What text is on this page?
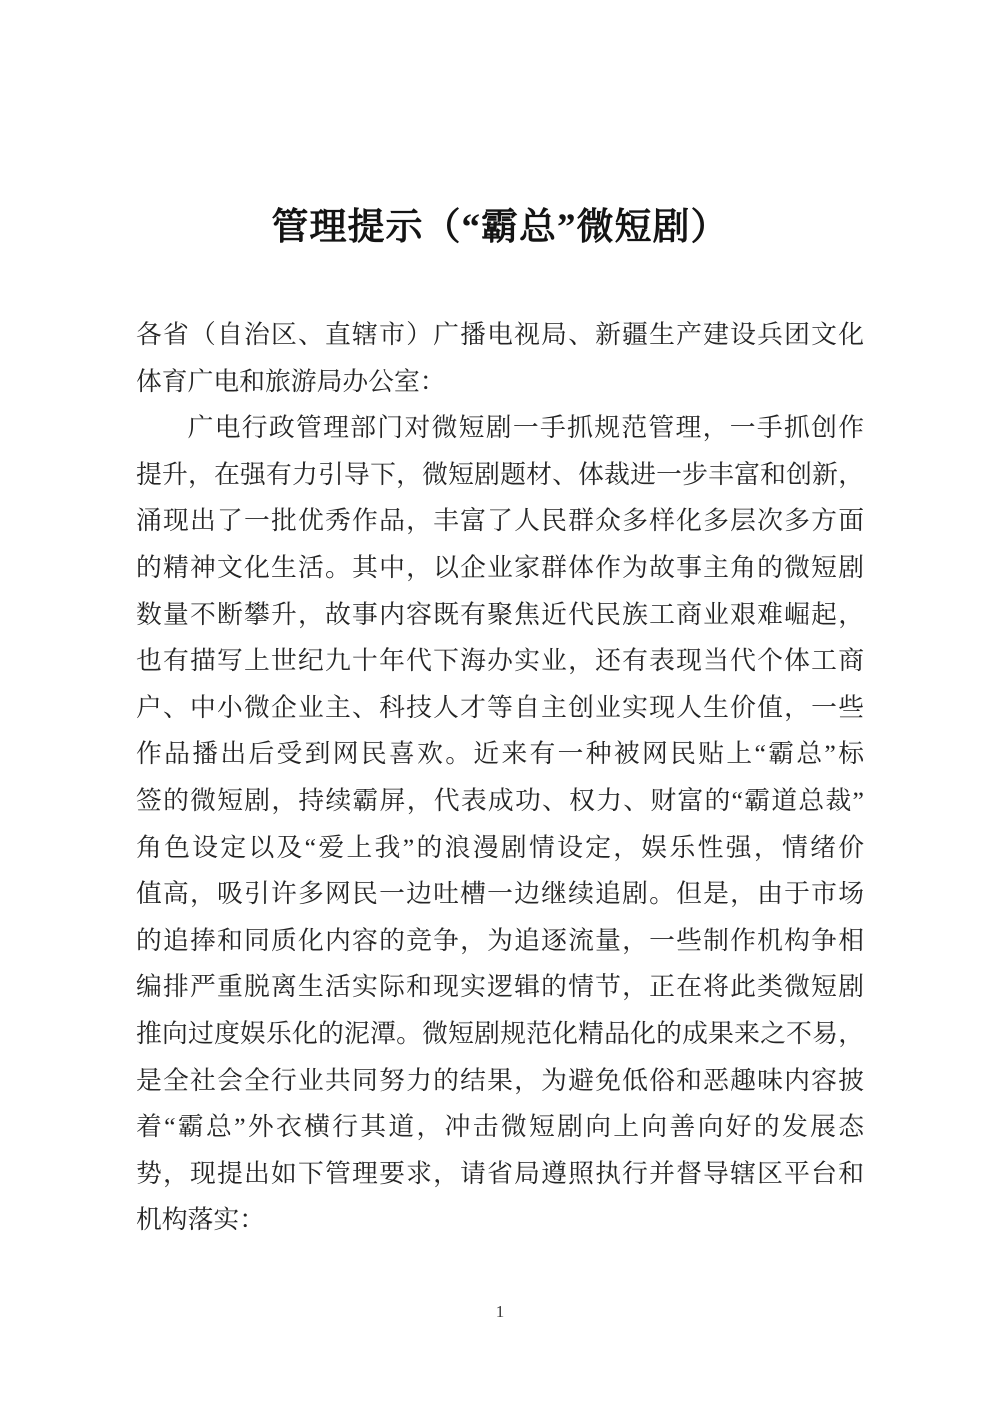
管理提示（“霸总”微短剧）
各省（自治区、直辖市）广播电视局、新疆生产建设兵团文化
体育广电和旅游局办公室：
广电行政管理部门对微短剧一手抓规范管理，一手抓创作
提升，在强有力引导下，微短剧题材、体裁进一步丰富和创新，
涌现出了一批优秀作品，丰富了人民群众多样化多层次多方面
的精神文化生活。其中，以企业家群体作为故事主角的微短剧
数量不断攀升，故事内容既有聚焦近代民族工商业艰难崛起，
也有描写上世纪九十年代下海办实业，还有表现当代个体工商
户、中小微企业主、科技人才等自主创业实现人生价值，一些
作品播出后受到网民喜欢。近来有一种被网民贴上“霸总”标
签的微短剧，持续霸屏，代表成功、权力、财富的“霸道总裁”
角色设定以及“爱上我”的浪漫剧情设定，娱乐性强，情绪价
值高，吸引许多网民一边吐槽一边继续追剧。但是，由于市场
的追捧和同质化内容的竞争，为追逐流量，一些制作机构争相
编排严重脱离生活实际和现实逻辑的情节，正在将此类微短剧
推向过度娱乐化的泥潭。微短剧规范化精品化的成果来之不易，
是全社会全行业共同努力的结果，为避免低俗和恶趣味内容披
着“霸总”外衣横行其道，冲击微短剧向上向善向好的发展态
势，现提出如下管理要求，请省局遵照执行并督导辖区平台和
机构落实：
1
